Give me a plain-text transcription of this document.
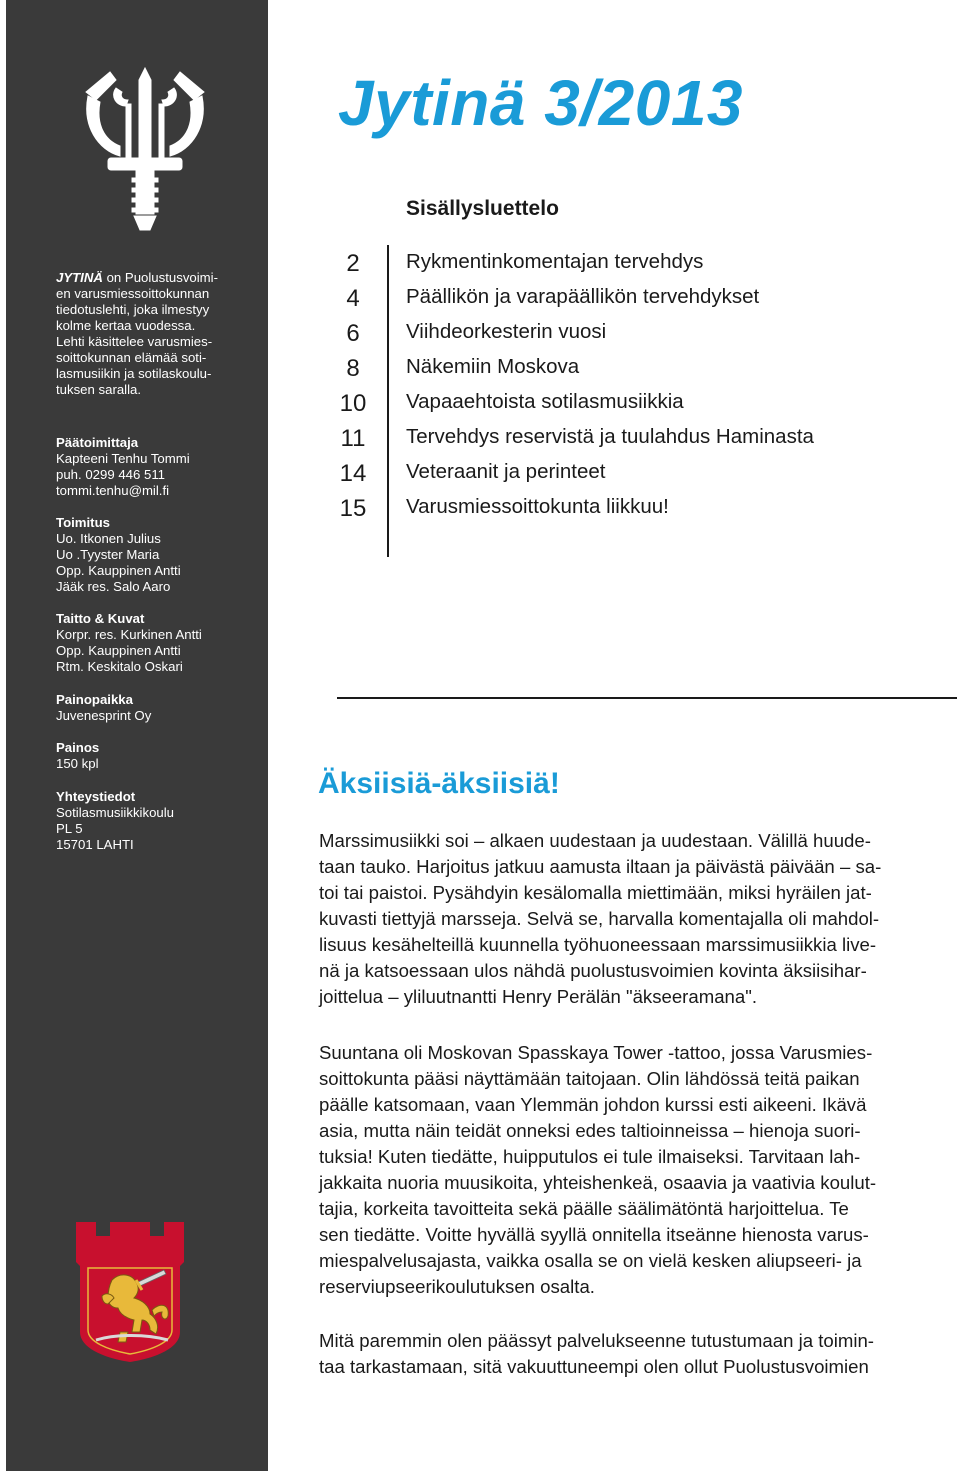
JYTINÄ on Puolustusvoimi-
en varusmiessoittokunnan
tiedotuslehti, joka ilmestyy
kolme kertaa vuodessa.
Lehti käsittelee varusmies-
soittokunnan elämää soti-
lasmusiikin ja sotilaskoulu-
tuksen saralla.
Päätoimittaja
Kapteeni Tenhu Tommi
puh. 0299 446 511
tommi.tenhu@mil.fi
Toimitus
Uo. Itkonen Julius
Uo .Tyyster Maria
Opp. Kauppinen Antti
Jääk res. Salo Aaro
Taitto & Kuvat
Korpr. res. Kurkinen Antti
Opp. Kauppinen Antti
Rtm. Keskitalo Oskari
Painopaikka
Juvenesprint Oy
Painos
150 kpl
Yhteystiedot
Sotilasmusiikkikoulu
PL 5
15701 LAHTI
Jytinä 3/2013
Sisällysluettelo
2	Rykmentinkomentajan tervehdys
4	Päällikön ja varapäällikön tervehdykset
6	Viihdeorkesterin vuosi
8	Näkemiin Moskova
10	Vapaaehtoista sotilasmusiikkia
11	Tervehdys reservistä ja tuulahdus Haminasta
14	Veteraanit ja perinteet
15	Varusmiessoittokunta liikkuu!
Äksiisiä-äksiisiä!
Marssimusiikki soi – alkaen uudestaan ja uudestaan. Välillä huude-
taan tauko. Harjoitus jatkuu aamusta iltaan ja päivästä päivään – sa-
toi tai paistoi. Pysähdyin kesälomalla miettimään, miksi hyräilen jat-
kuvasti tiettyjä marsseja. Selvä se, harvalla komentajalla oli mahdol-
lisuus kesähelteillä kuunnella työhuoneessaan marssimusiikkia live-
nä ja katsoessaan ulos nähdä puolustusvoimien kovinta äksiisihar-
joittelua – yliluutnantti Henry Perälän "äkseeramana".
Suuntana oli Moskovan Spasskaya Tower -tattoo, jossa Varusmies-
soittokunta pääsi näyttämään taitojaan. Olin lähdössä teitä paikan
päälle katsomaan, vaan Ylemmän johdon kurssi esti aikeeni. Ikävä
asia, mutta näin teidät onneksi edes taltioinneissa – hienoja suori-
tuksia! Kuten tiedätte, huipputulos ei tule ilmaiseksi. Tarvitaan lah-
jakkaita nuoria muusikoita, yhteishenkeä, osaavia ja vaativia koulut-
tajia, korkeita tavoitteita sekä päälle säälimätöntä harjoittelua. Te
sen tiedätte. Voitte hyvällä syyllä onnitella itseänne hienosta varus-
miespalvelusajasta, vaikka osalla se on vielä kesken aliupseeri- ja
reserviupseerikoulutuksen osalta.
Mitä paremmin olen päässyt palvelukseenne tutustumaan ja toimin-
taa tarkastamaan, sitä vakuuttuneempi olen ollut Puolustusvoimien
